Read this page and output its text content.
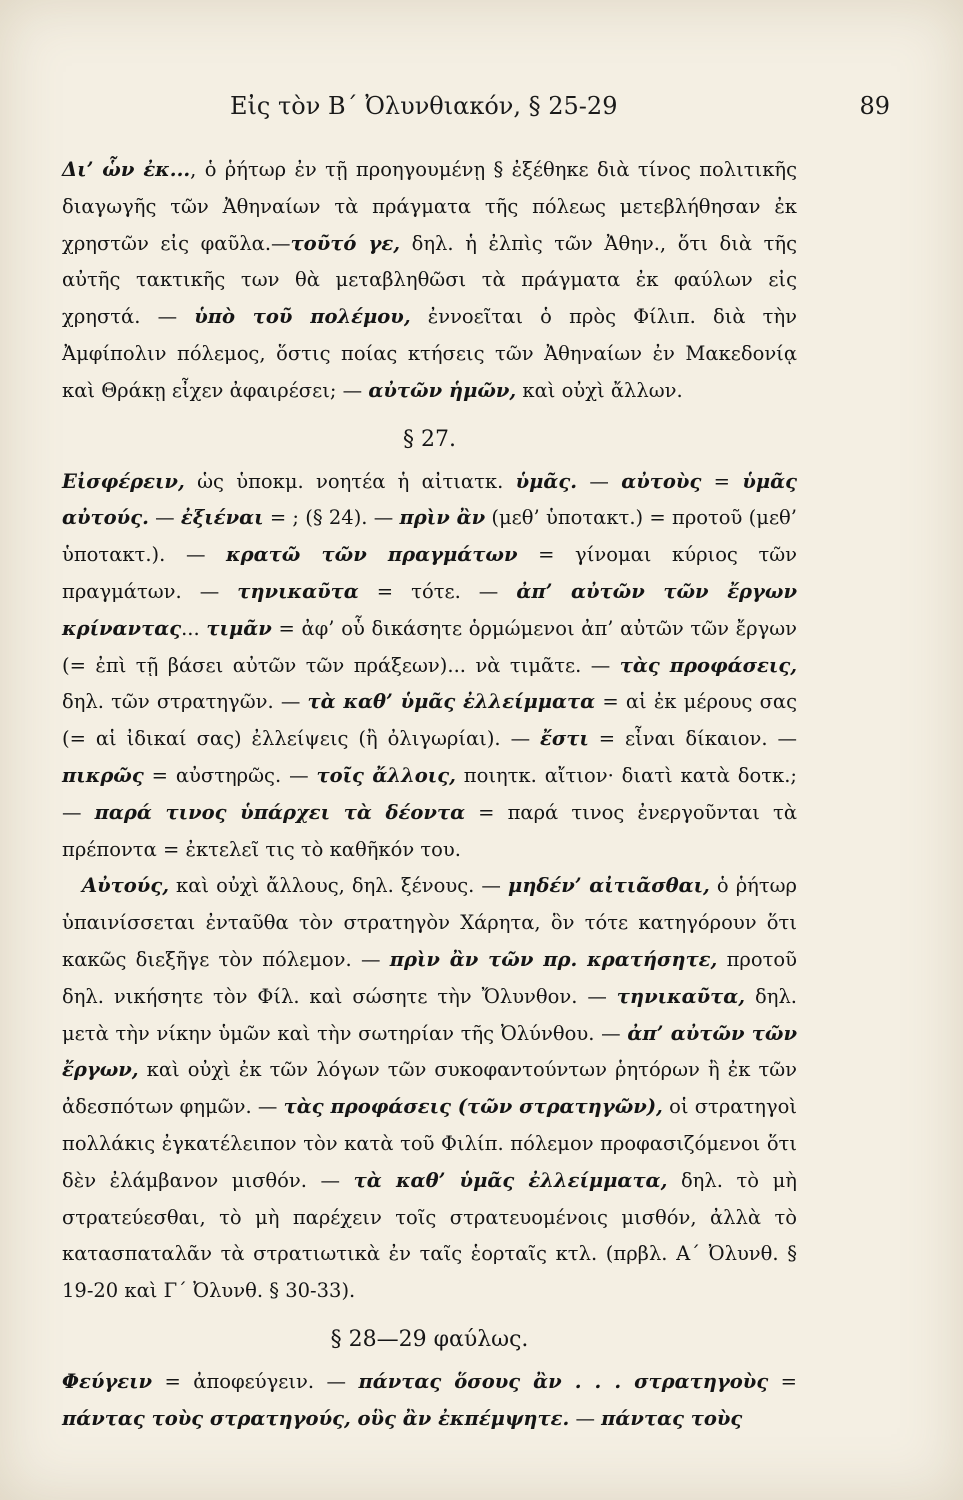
Εἰς τὸν Β΄ Ὀλυνθιακόν, § 25-29	89

Δι’ ὧν ἐκ..., ὁ ῥήτωρ ἐν τῇ προηγουμένῃ § ἐξέθηκε διὰ τίνος πολιτικῆς διαγωγῆς τῶν Ἀθηναίων τὰ πράγματα τῆς πόλεως μετεβλήθησαν ἐκ χρηστῶν εἰς φαῦλα.—τοῦτό γε, δηλ. ἡ ἐλπὶς τῶν Ἀθην., ὅτι διὰ τῆς αὐτῆς τακτικῆς των θὰ μεταβληθῶσι τὰ πράγματα ἐκ φαύλων εἰς χρηστά. — ὑπὸ τοῦ πολέμου, ἐννοεῖται ὁ πρὸς Φίλιπ. διὰ τὴν Ἀμφίπολιν πόλεμος, ὅστις ποίας κτήσεις τῶν Ἀθηναίων ἐν Μακεδονίᾳ καὶ Θράκῃ εἶχεν ἀφαιρέσει; — αὐτῶν ἡμῶν, καὶ οὐχὶ ἄλλων.

§ 27.

Εἰσφέρειν, ὡς ὑποκμ. νοητέα ἡ αἰτιατκ. ὑμᾶς. — αὐτοὺς = ὑμᾶς αὐτούς. — ἐξιέναι = ; (§ 24). — πρὶν ἂν (μεθ’ ὑποτακτ.) = προτοῦ (μεθ’ ὑποτακτ.). — κρατῶ τῶν πραγμάτων = γίνομαι κύριος τῶν πραγμάτων. — τηνικαῦτα = τότε. — ἀπ’ αὐτῶν τῶν ἔργων κρίναντας... τιμᾶν = ἀφ’ οὗ δικάσητε ὁρμώμενοι ἀπ’ αὐτῶν τῶν ἔργων (= ἐπὶ τῇ βάσει αὐτῶν τῶν πράξεων)... νὰ τιμᾶτε. — τὰς προφάσεις, δηλ. τῶν στρατηγῶν. — τὰ καθ’ ὑμᾶς ἐλλείμματα = αἱ ἐκ μέρους σας (= αἱ ἰδικαί σας) ἐλλείψεις (ἢ ὀλιγωρίαι). — ἔστι = εἶναι δίκαιον. — πικρῶς = αὐστηρῶς. — τοῖς ἄλλοις, ποιητκ. αἴτιον· διατὶ κατὰ δοτκ.; — παρά τινος ὑπάρχει τὰ δέοντα = παρά τινος ἐνεργοῦνται τὰ πρέποντα = ἐκτελεῖ τις τὸ καθῆκόν του.

Αὐτούς, καὶ οὐχὶ ἄλλους, δηλ. ξένους. — μηδέν’ αἰτιᾶσθαι, ὁ ῥήτωρ ὑπαινίσσεται ἐνταῦθα τὸν στρατηγὸν Χάρητα, ὃν τότε κατηγόρουν ὅτι κακῶς διεξῆγε τὸν πόλεμον. — πρὶν ἂν τῶν πρ. κρατήσητε, προτοῦ δηλ. νικήσητε τὸν Φίλ. καὶ σώσητε τὴν Ὄλυνθον. — τηνικαῦτα, δηλ. μετὰ τὴν νίκην ὑμῶν καὶ τὴν σωτηρίαν τῆς Ὀλύνθου. — ἀπ’ αὐτῶν τῶν ἔργων, καὶ οὐχὶ ἐκ τῶν λόγων τῶν συκοφαντούντων ῥητόρων ἢ ἐκ τῶν ἀδεσπότων φημῶν. — τὰς προφάσεις (τῶν στρατηγῶν), οἱ στρατηγοὶ πολλάκις ἐγκατέλειπον τὸν κατὰ τοῦ Φιλίπ. πόλεμον προφασιζόμενοι ὅτι δὲν ἐλάμβανον μισθόν. — τὰ καθ’ ὑμᾶς ἐλλείμματα, δηλ. τὸ μὴ στρατεύεσθαι, τὸ μὴ παρέχειν τοῖς στρατευομένοις μισθόν, ἀλλὰ τὸ κατασπαταλᾶν τὰ στρατιωτικὰ ἐν ταῖς ἑορταῖς κτλ. (πρβλ. Α΄ Ὀλυνθ. § 19-20 καὶ Γ΄ Ὀλυνθ. § 30-33).

§ 28—29 φαύλως.

Φεύγειν = ἀποφεύγειν. — πάντας ὅσους ἂν . . . στρατηγοὺς = πάντας τοὺς στρατηγούς, οὓς ἂν ἐκπέμψητε. — πάντας τοὺς
